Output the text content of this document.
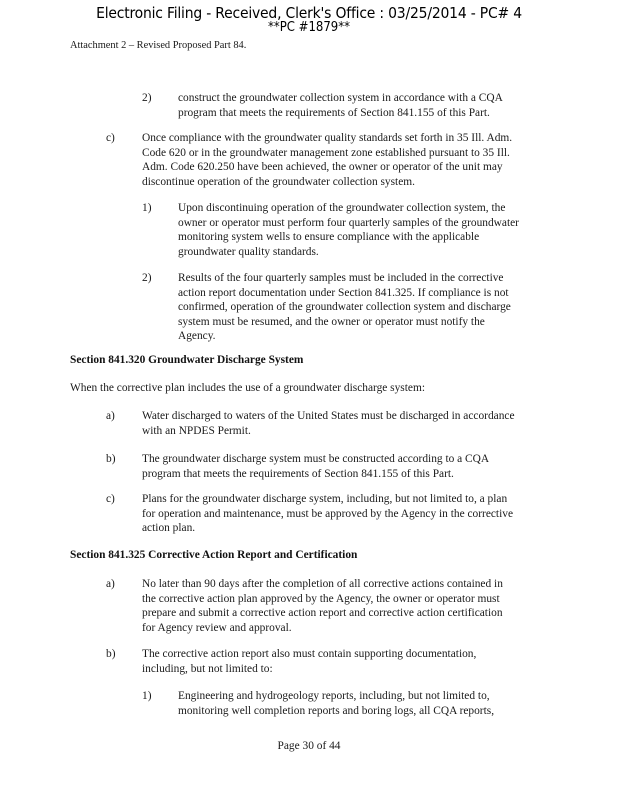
Electronic Filing - Received, Clerk's Office : 03/25/2014 - PC# 4
**PC #1879**
Attachment 2 – Revised Proposed Part 84.
2) construct the groundwater collection system in accordance with a CQA
program that meets the requirements of Section 841.155 of this Part.
c) Once compliance with the groundwater quality standards set forth in 35 Ill. Adm.
Code 620 or in the groundwater management zone established pursuant to 35 Ill.
Adm. Code 620.250 have been achieved, the owner or operator of the unit may
discontinue operation of the groundwater collection system.
1) Upon discontinuing operation of the groundwater collection system, the
owner or operator must perform four quarterly samples of the groundwater
monitoring system wells to ensure compliance with the applicable
groundwater quality standards.
2) Results of the four quarterly samples must be included in the corrective
action report documentation under Section 841.325. If compliance is not
confirmed, operation of the groundwater collection system and discharge
system must be resumed, and the owner or operator must notify the
Agency.
Section 841.320 Groundwater Discharge System
When the corrective plan includes the use of a groundwater discharge system:
a) Water discharged to waters of the United States must be discharged in accordance
with an NPDES Permit.
b) The groundwater discharge system must be constructed according to a CQA
program that meets the requirements of Section 841.155 of this Part.
c) Plans for the groundwater discharge system, including, but not limited to, a plan
for operation and maintenance, must be approved by the Agency in the corrective
action plan.
Section 841.325 Corrective Action Report and Certification
a) No later than 90 days after the completion of all corrective actions contained in
the corrective action plan approved by the Agency, the owner or operator must
prepare and submit a corrective action report and corrective action certification
for Agency review and approval.
b) The corrective action report also must contain supporting documentation,
including, but not limited to:
1) Engineering and hydrogeology reports, including, but not limited to,
monitoring well completion reports and boring logs, all CQA reports,
Page 30 of 44
